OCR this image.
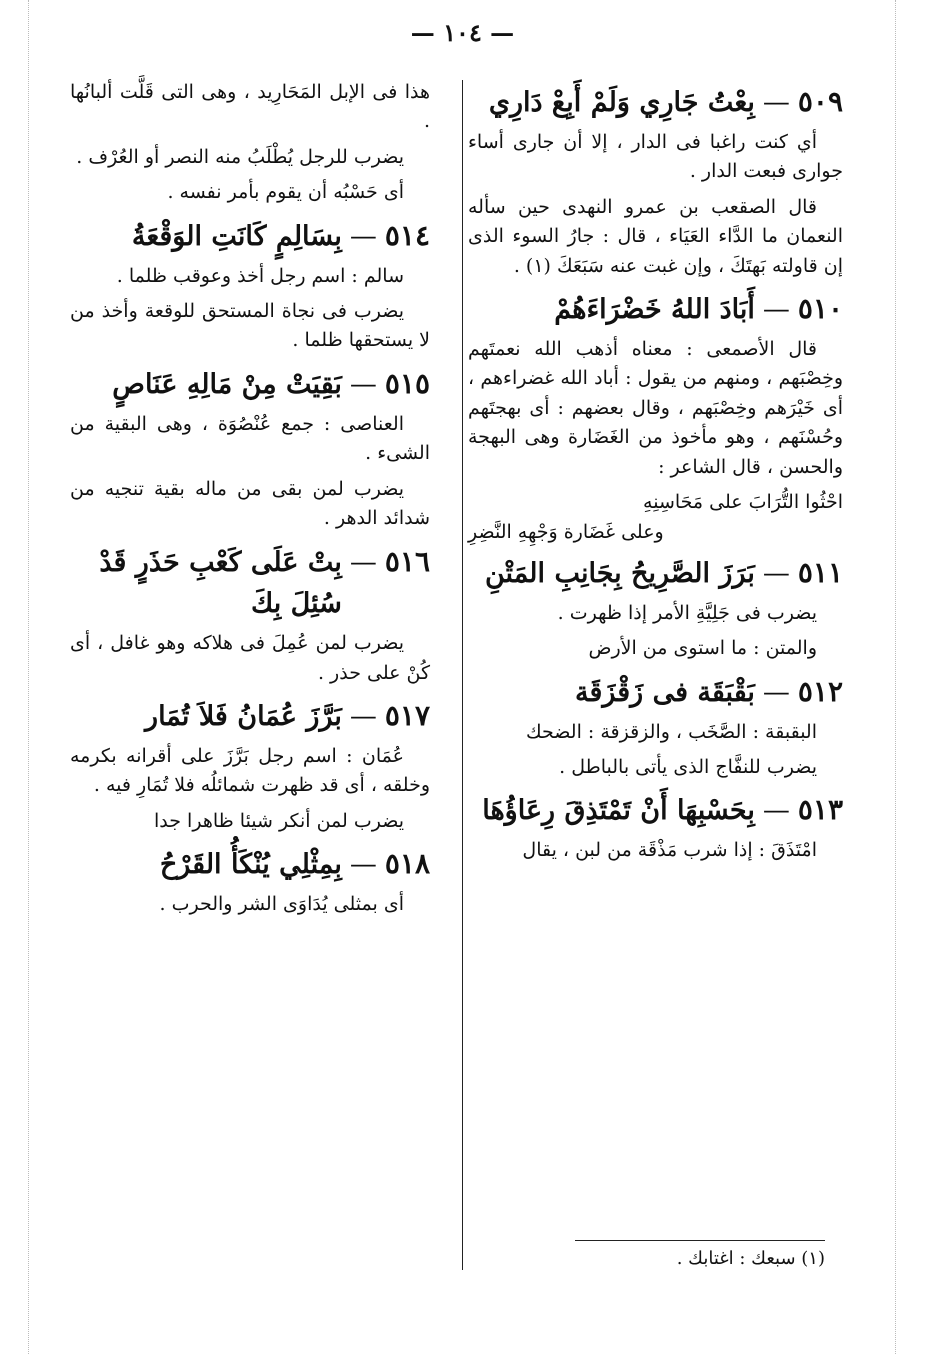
— ١٠٤ —
٥٠٩
—
بِعْتُ جَارِي وَلَمْ أَبِعْ دَارِي

أي كنت راغبا فى الدار ، إلا أن جارى أساء جوارى فبعت الدار .

قال الصقعب بن عمرو النهدى حين سأله النعمان ما الدَّاء العَيَاء ، قال : جارُ السوء الذى إن قاولته بَهتَكَ ، وإن غبت عنه سَبَعَكَ (١) .

٥١٠
—
أَبَادَ اللهُ خَضْرَاءَهُمْ

قال الأصمعى : معناه أذهب الله نعمتَهم وخِصْبَهم ، ومنهم من يقول : أباد الله غضراءهم ، أى خَيْرَهم وخِصْبَهم ، وقال بعضهم : أى بهجتَهم وحُسْنَهم ، وهو مأخوذ من الغَضَارة وهى البهجة والحسن ، قال الشاعر :

احْثُوا التُّرَابَ على مَحَاسِنِهِ

وعلى غَضَارة وَجْهِهِ النَّضِرِ

٥١١
—
بَرَزَ الصَّرِيحُ بِجَانِبِ المَتْنِ

يضرب فى جَلِيَّةِ الأمر إذا ظهرت .

والمتن : ما استوى من الأرض

٥١٢
—
بَقْبَقَة فى زَقْزَقَة

البقبقة : الصَّخَب ، والزقزقة : الضحك

يضرب للنفَّاج الذى يأتى بالباطل .

٥١٣
—
بِحَسْبِهَا أَنْ تَمْتَذِقَ رِعَاؤُهَا

امْتَذَقَ : إذا شرب مَذْقَة من لبن ، يقال

هذا فى الإبل المَحَارِيد ، وهى التى قَلَّت ألبانُها .

يضرب للرجل يُطْلَبُ منه النصر أو العُرْف .

أى حَسْبُه أن يقوم بأمر نفسه .

٥١٤
—
بِسَالِمٍ كَانَتِ الوَقْعَةُ

سالم : اسم رجل أخذ وعوقب ظلما .

يضرب فى نجاة المستحق للوقعة وأخذ من لا يستحقها ظلما .

٥١٥
—
بَقِيَتْ مِنْ مَالِهِ عَنَاصٍ

العناصى : جمع عُنْصُوَة ، وهى البقية من الشىء .

يضرب لمن بقى من ماله بقية تنجيه من شدائد الدهر .

٥١٦
—
بِتْ عَلَى كَعْبِ حَذَرٍ قَدْ سُئِلَ بِكَ

يضرب لمن عُمِلَ فى هلاكه وهو غافل ، أى كُنْ على حذر .

٥١٧
—
بَرَّزَ عُمَانُ فَلاَ تُمَار

عُمَان : اسم رجل بَرَّزَ على أقرانه بكرمه وخلقه ، أى قد ظهرت شمائلُه فلا تُمَارِ فيه .

يضرب لمن أنكر شيئا ظاهرا جدا

٥١٨
—
بِمِثْلِي يُنْكَأُ القَرْحُ

أى بمثلى يُدَاوَى الشر والحرب .

(١) سبعك : اغتابك .
